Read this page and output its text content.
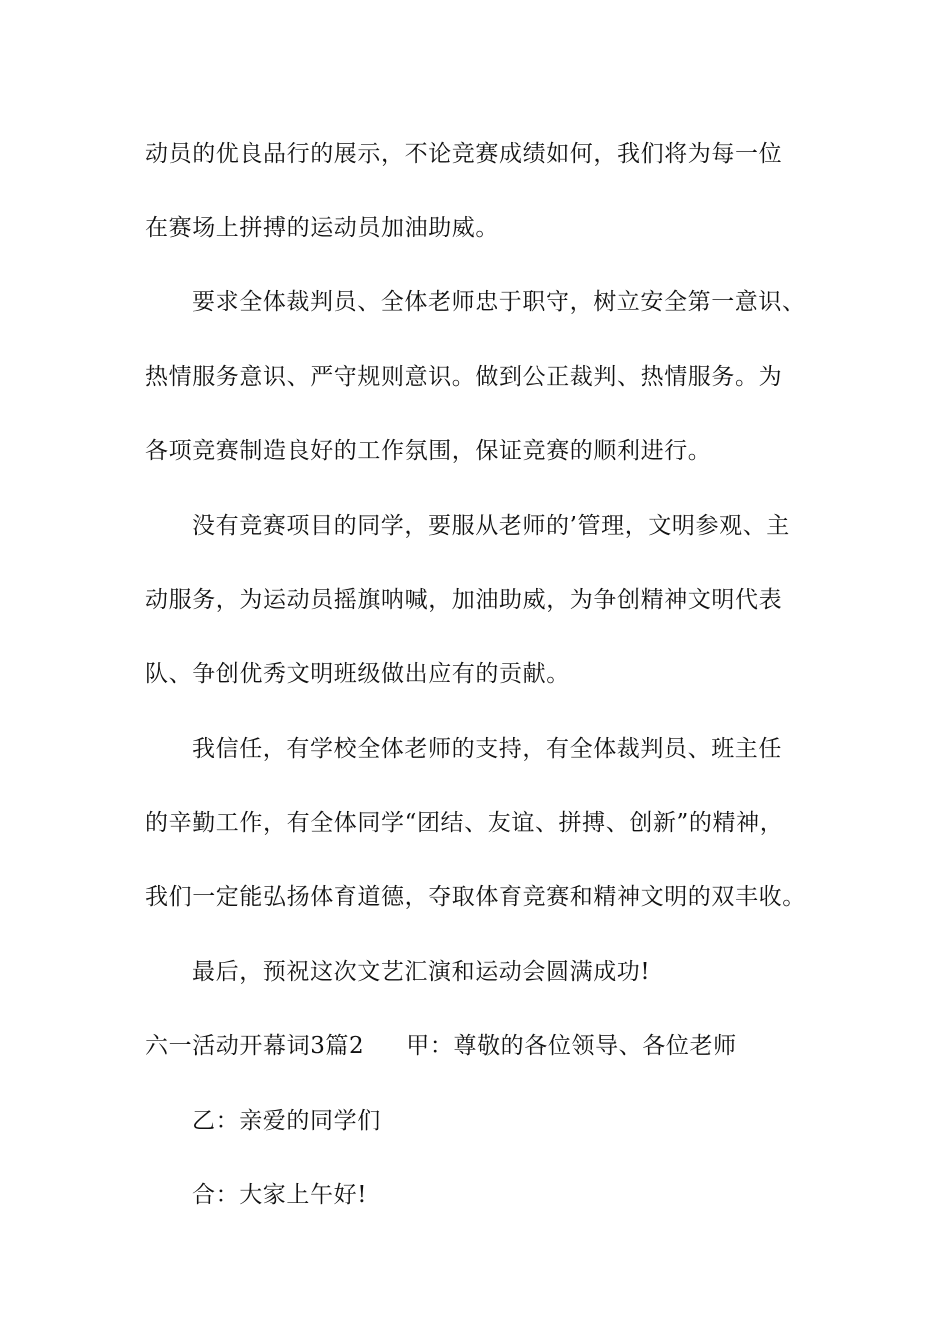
动员的优良品行的展示，不论竞赛成绩如何，我们将为每一位
在赛场上拼搏的运动员加油助威。
要求全体裁判员、全体老师忠于职守，树立安全第一意识、
热情服务意识、严守规则意识。做到公正裁判、热情服务。为
各项竞赛制造良好的工作氛围，保证竞赛的顺利进行。
没有竞赛项目的同学，要服从老师的’管理，文明参观、主
动服务，为运动员摇旗呐喊，加油助威，为争创精神文明代表
队、争创优秀文明班级做出应有的贡献。
我信任，有学校全体老师的支持，有全体裁判员、班主任
的辛勤工作，有全体同学“团结、友谊、拼搏、创新”的精神，
我们一定能弘扬体育道德，夺取体育竞赛和精神文明的双丰收。
最后，预祝这次文艺汇演和运动会圆满成功!
六一活动开幕词3篇2 甲：尊敬的各位领导、各位老师
乙：亲爱的同学们
合：大家上午好!
